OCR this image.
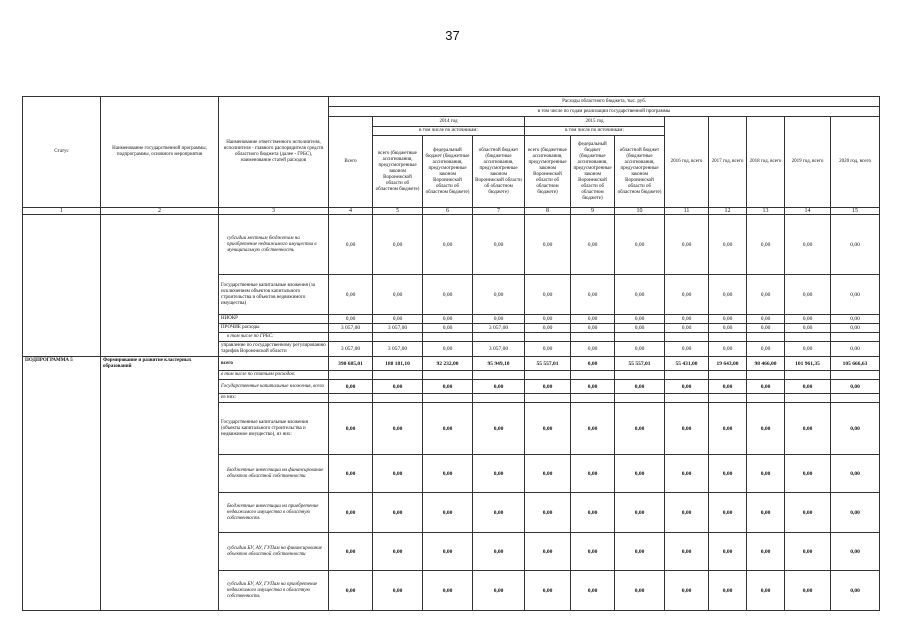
37
Статус	Наименование государственной программы, подпрограммы, основного мероприятия	Наименование ответственного исполнителя, исполнителя - главного распорядителя средств областного бюджета (далее - ГРБС), наименование статей расходов	Расходы областного бюджета, тыс. руб.											
			в том числе по годам реализации государственной программы											
			Всего	2014 год			2015 год			2016 год, всего	2017 год, всего	2018 год, всего	2019 год, всего	2020 год, всего
				в том числе по источникам:			в том числе по источникам:							
				всего (бюджетные ассигнования, предусмотренные законом Воронежской области об областном бюджете)	федеральный бюджет (бюджетные ассигнования, предусмотренные законом Воронежской области об областном бюджете)	областной бюджет (бюджетные ассигнования, предусмотренные законом Воронежской области об областном бюджете)	всего (бюджетные ассигнования, предусмотренные законом Воронежской области об областном бюджете)	федеральный бюджет (бюджетные ассигнования, предусмотренные законом Воронежской области об областном бюджете)	областной бюджет (бюджетные ассигнования, предусмотренные законом Воронежской области об областном бюджете)					
1	2	3	4	5	6	7	8	9	10	11	12	13	14	15
		субсидии местным бюджетам на приобретение недвижимого имущества в муниципальную собственность	0,00	0,00	0,00	0,00	0,00	0,00	0,00	0,00	0,00	0,00	0,00	0,00
		Государственные капитальные вложения (за исключением объектов капитального строительства и объектов недвижимого имущества)	0,00	0,00	0,00	0,00	0,00	0,00	0,00	0,00	0,00	0,00	0,00	0,00
		НИОКР	0,00	0,00	0,00	0,00	0,00	0,00	0,00	0,00	0,00	0,00	0,00	0,00
		ПРОЧИЕ расходы	3 057,00	3 057,00	0,00	3 057,00	0,00	0,00	0,00	0,00	0,00	0,00	0,00	0,00
		в том числе по ГРБС:												
		управление по государственному регулированию тарифов Воронежской области	3 057,00	3 057,00	0,00	3 057,00	0,00	0,00	0,00	0,00	0,00	0,00	0,00	0,00
ПОДПРОГРАММА 5	Формирование и развитие кластерных образований	всего	390 685,01	188 181,10	92 232,00	95 949,10	55 557,01	0,00	55 557,01	55 431,00	19 643,00	98 466,00	101 961,35	105 666,63
		в том числе по статьям расходов:												
		Государственные капитальные вложения, всего	0,00	0,00	0,00	0,00	0,00	0,00	0,00	0,00	0,00	0,00	0,00	0,00
		из них:												
		Государственные капитальные вложения (объекты капитального строительства и недвижимое имущество), из них:	0,00	0,00	0,00	0,00	0,00	0,00	0,00	0,00	0,00	0,00	0,00	0,00
		Бюджетные инвестиции на финансирование объектов областной собственности	0,00	0,00	0,00	0,00	0,00	0,00	0,00	0,00	0,00	0,00	0,00	0,00
		Бюджетные инвестиции на приобретение недвижимого имущества в областную собственность	0,00	0,00	0,00	0,00	0,00	0,00	0,00	0,00	0,00	0,00	0,00	0,00
		субсидии БУ, АУ, ГУПам на финансирование объектов областной собственности	0,00	0,00	0,00	0,00	0,00	0,00	0,00	0,00	0,00	0,00	0,00	0,00
		субсидии БУ, АУ, ГУПам на приобретение недвижимого имущества в областную собственность	0,00	0,00	0,00	0,00	0,00	0,00	0,00	0,00	0,00	0,00	0,00	0,00
